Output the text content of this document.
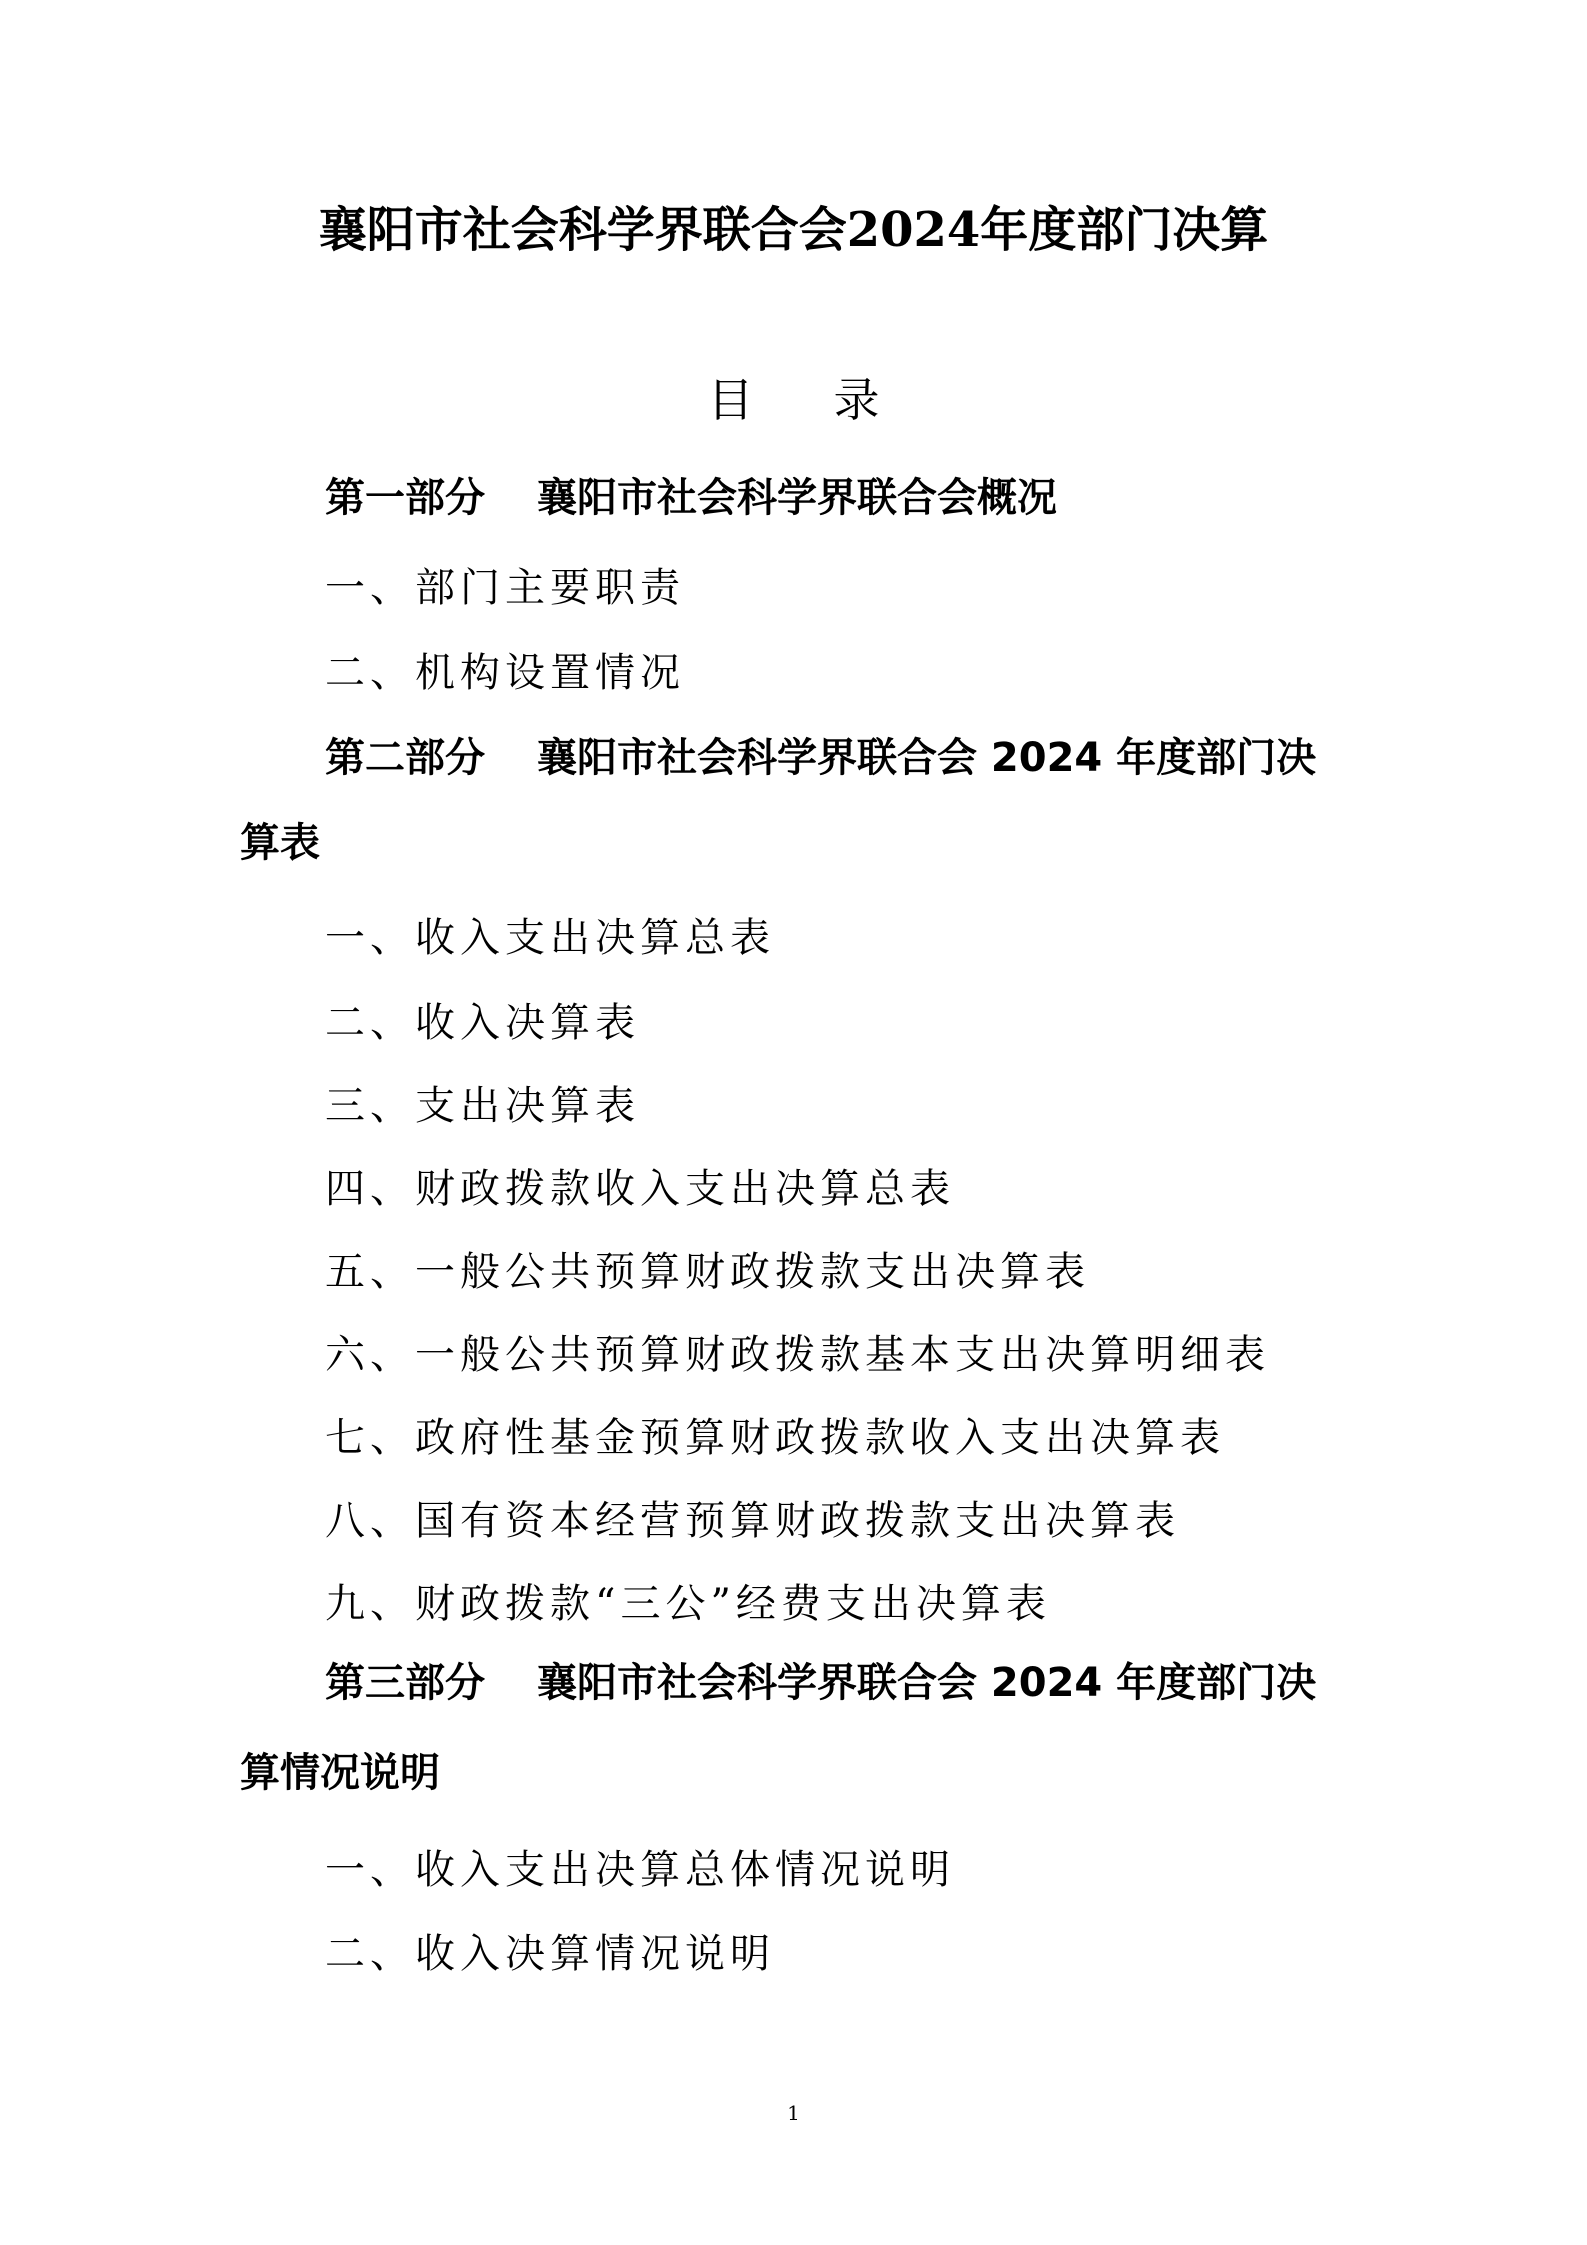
襄阳市社会科学界联合会2024年度部门决算
目录
第一部分 襄阳市社会科学界联合会概况
一、部门主要职责
二、机构设置情况
第二部分 襄阳市社会科学界联合会 2024 年度部门决
算表
一、收入支出决算总表
二、收入决算表
三、支出决算表
四、财政拨款收入支出决算总表
五、一般公共预算财政拨款支出决算表
六、一般公共预算财政拨款基本支出决算明细表
七、政府性基金预算财政拨款收入支出决算表
八、国有资本经营预算财政拨款支出决算表
九、财政拨款“三公”经费支出决算表
第三部分 襄阳市社会科学界联合会 2024 年度部门决
算情况说明
一、收入支出决算总体情况说明
二、收入决算情况说明
1
